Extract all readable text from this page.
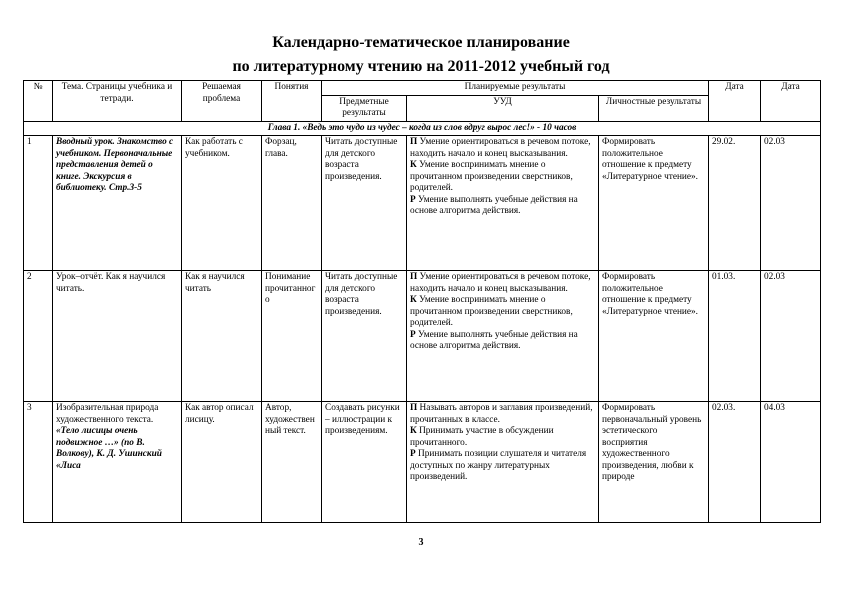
Календарно-тематическое планирование
по литературному чтению на 2011-2012 учебный год
№	Тема. Страницы учебника и тетради.	Решаемая проблема	Понятия	Планируемые результаты			Дата	Дата
				Предметные результаты	УУД	Личностные результаты		
Глава 1. «Ведь это чудо из чудес – когда из слов вдруг вырос лес!» - 10 часов								
1	Вводный урок. Знакомство с учебником. Первоначальные представления детей о книге. Экскурсия в библиотеку. Стр.3-5	Как работать с учебником.	Форзац, глава.	Читать доступные для детского возраста произведения.	П Умение ориентироваться в речевом потоке, находить начало и конец высказывания.
К Умение воспринимать мнение о прочитанном произведении сверстников, родителей.
Р Умение выполнять учебные действия на основе алгоритма действия.	Формировать положительное отношение к предмету «Литературное чтение».	29.02.	02.03
2	Урок–отчёт. Как я научился читать.	Как я научился читать	Понимание прочитанного	Читать доступные для детского возраста произведения.	П Умение ориентироваться в речевом потоке, находить начало и конец высказывания.
К Умение воспринимать мнение о прочитанном произведении сверстников, родителей.
Р Умение выполнять учебные действия на основе алгоритма действия.	Формировать положительное отношение к предмету «Литературное чтение».	01.03.	02.03
3	Изобразительная природа художественного текста. «Тело лисицы очень подвижное …» (по В. Волкову), К. Д. Ушинский «Лиса	Как автор описал лисицу.	Автор, художественный текст.	Создавать рисунки – иллюстрации к произведениям.	П Называть авторов и заглавия произведений, прочитанных в классе.
К Принимать участие в обсуждении прочитанного.
Р Принимать позиции слушателя и читателя доступных по жанру литературных произведений.	Формировать первоначальный уровень эстетического восприятия художественного произведения, любви к природе	02.03.	04.03
3
